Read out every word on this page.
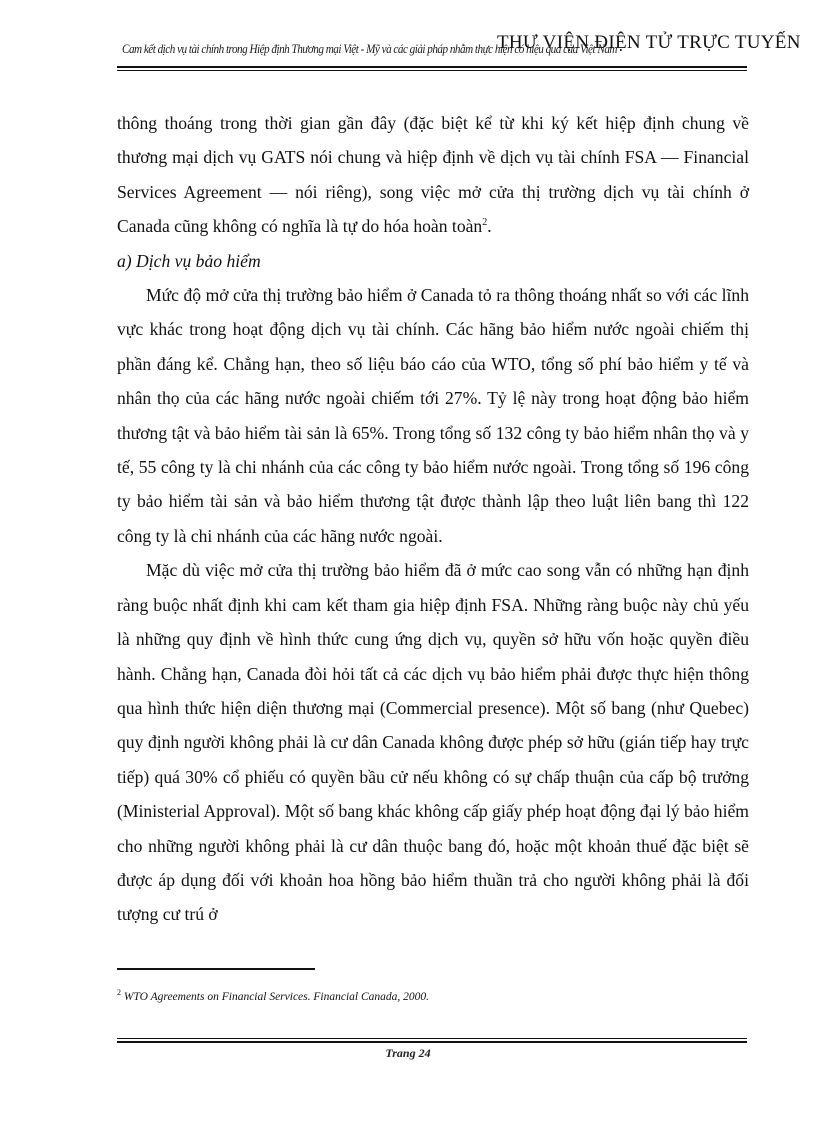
Cam kết dịch vụ tài chính trong Hiệp định Thương mại Việt - Mỹ và các giải pháp nhằm thực hiện có hiệu quả của Việt Nam
THƯ VIỆN ĐIỆN TỬ TRỰC TUYẾN

thông thoáng trong thời gian gần đây (đặc biệt kể từ khi ký kết hiệp định chung về thương mại dịch vụ GATS nói chung và hiệp định về dịch vụ tài chính FSA — Financial Services Agreement — nói riêng), song việc mở cửa thị trường dịch vụ tài chính ở Canada cũng không có nghĩa là tự do hóa hoàn toàn$^2$.

a) Dịch vụ bảo hiểm

Mức độ mở cửa thị trường bảo hiểm ở Canada tỏ ra thông thoáng nhất so với các lĩnh vực khác trong hoạt động dịch vụ tài chính. Các hãng bảo hiểm nước ngoài chiếm thị phần đáng kể. Chẳng hạn, theo số liệu báo cáo của WTO, tổng số phí bảo hiểm y tế và nhân thọ của các hãng nước ngoài chiếm tới 27%. Tỷ lệ này trong hoạt động bảo hiểm thương tật và bảo hiểm tài sản là 65%. Trong tổng số 132 công ty bảo hiểm nhân thọ và y tế, 55 công ty là chi nhánh của các công ty bảo hiểm nước ngoài. Trong tổng số 196 công ty bảo hiểm tài sản và bảo hiểm thương tật được thành lập theo luật liên bang thì 122 công ty là chi nhánh của các hãng nước ngoài.

Mặc dù việc mở cửa thị trường bảo hiểm đã ở mức cao song vẫn có những hạn định ràng buộc nhất định khi cam kết tham gia hiệp định FSA. Những ràng buộc này chủ yếu là những quy định về hình thức cung ứng dịch vụ, quyền sở hữu vốn hoặc quyền điều hành. Chẳng hạn, Canada đòi hỏi tất cả các dịch vụ bảo hiểm phải được thực hiện thông qua hình thức hiện diện thương mại (Commercial presence). Một số bang (như Quebec) quy định người không phải là cư dân Canada không được phép sở hữu (gián tiếp hay trực tiếp) quá 30% cổ phiếu có quyền bầu cử nếu không có sự chấp thuận của cấp bộ trưởng (Ministerial Approval). Một số bang khác không cấp giấy phép hoạt động đại lý bảo hiểm cho những người không phải là cư dân thuộc bang đó, hoặc một khoản thuế đặc biệt sẽ được áp dụng đối với khoản hoa hồng bảo hiểm thuần trả cho người không phải là đối tượng cư trú ở

$^2$ WTO Agreements on Financial Services. Financial Canada, 2000.
Trang 24
